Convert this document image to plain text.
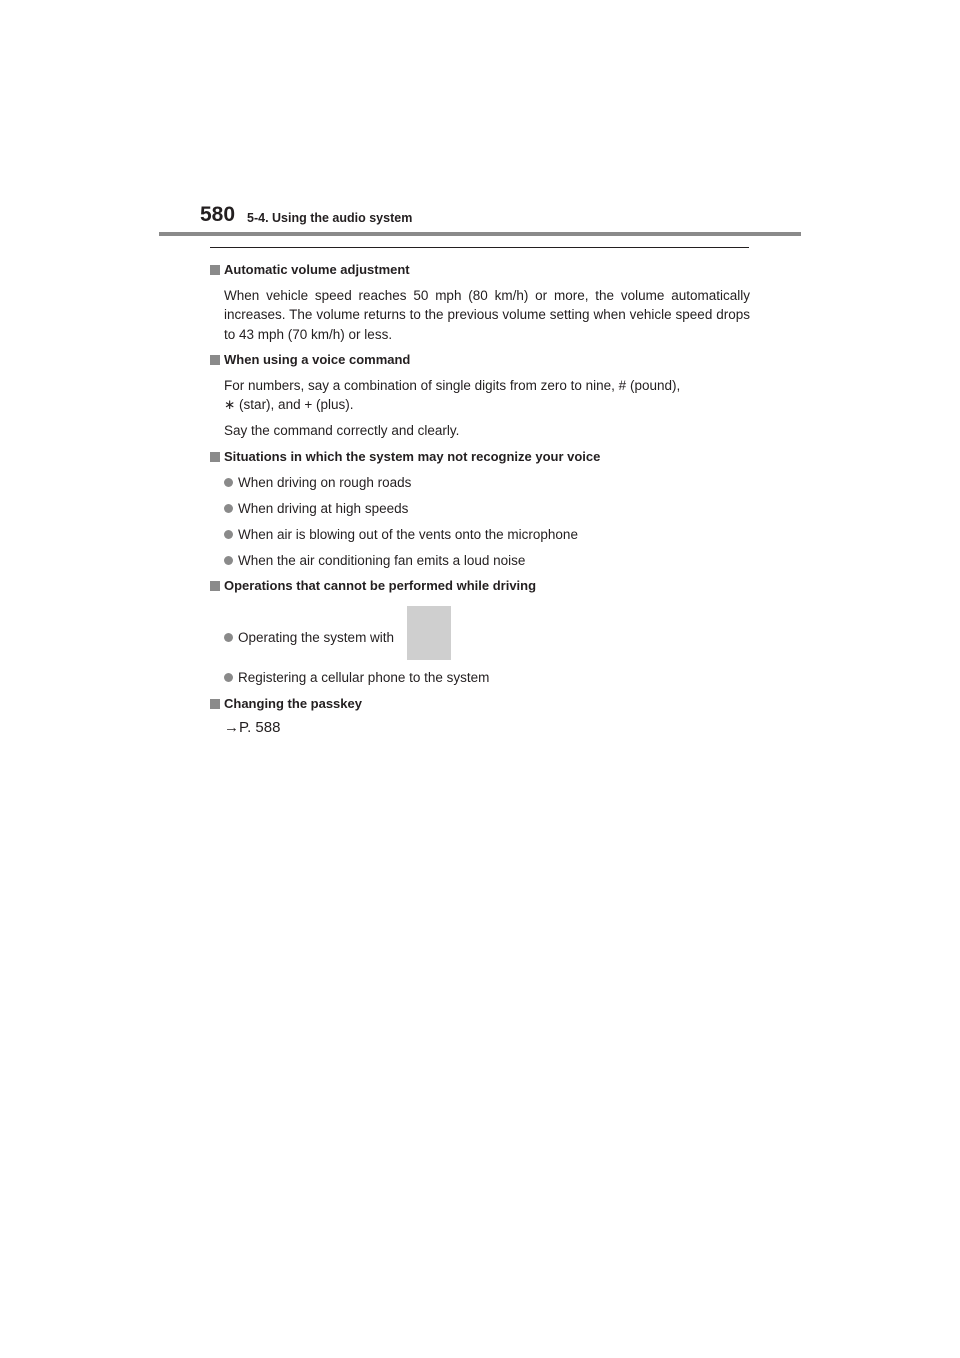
580 5-4. Using the audio system
Automatic volume adjustment
When vehicle speed reaches 50 mph (80 km/h) or more, the volume automatically increases. The volume returns to the previous volume setting when vehicle speed drops to 43 mph (70 km/h) or less.
When using a voice command
For numbers, say a combination of single digits from zero to nine, # (pound),
∗ (star), and + (plus).
Say the command correctly and clearly.
Situations in which the system may not recognize your voice
When driving on rough roads
When driving at high speeds
When air is blowing out of the vents onto the microphone
When the air conditioning fan emits a loud noise
Operations that cannot be performed while driving
Operating the system with
Registering a cellular phone to the system
Changing the passkey
→P. 588
